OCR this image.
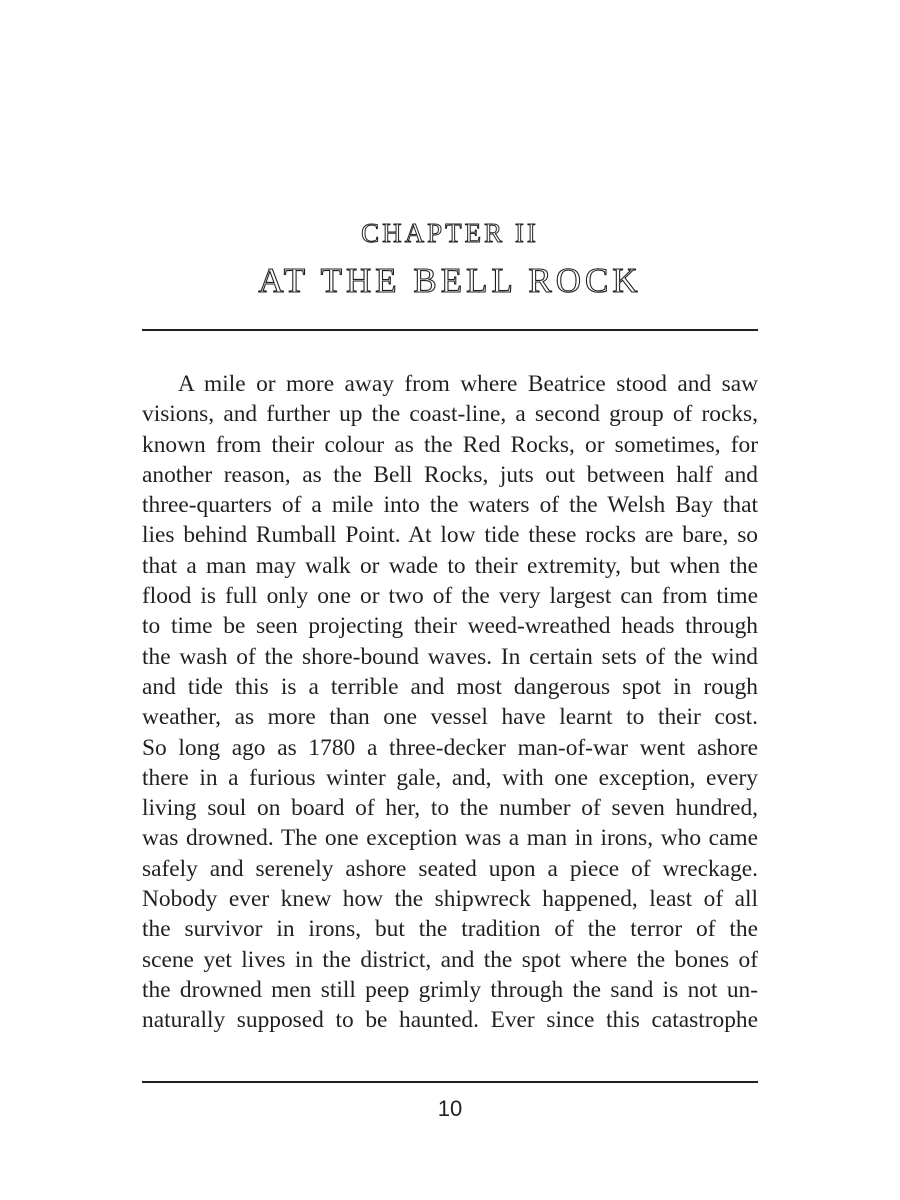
CHAPTER II
AT THE BELL ROCK
A mile or more away from where Beatrice stood and saw
visions, and further up the coast-line, a second group of rocks,
known from their colour as the Red Rocks, or sometimes, for
another reason, as the Bell Rocks, juts out between half and
three-quarters of a mile into the waters of the Welsh Bay that
lies behind Rumball Point. At low tide these rocks are bare, so
that a man may walk or wade to their extremity, but when the
flood is full only one or two of the very largest can from time
to time be seen projecting their weed-wreathed heads through
the wash of the shore-bound waves. In certain sets of the wind
and tide this is a terrible and most dangerous spot in rough
weather, as more than one vessel have learnt to their cost.
So long ago as 1780 a three-decker man-of-war went ashore
there in a furious winter gale, and, with one exception, every
living soul on board of her, to the number of seven hundred,
was drowned. The one exception was a man in irons, who came
safely and serenely ashore seated upon a piece of wreckage.
Nobody ever knew how the shipwreck happened, least of all
the survivor in irons, but the tradition of the terror of the
scene yet lives in the district, and the spot where the bones of
the drowned men still peep grimly through the sand is not un-
naturally supposed to be haunted. Ever since this catastrophe
10
